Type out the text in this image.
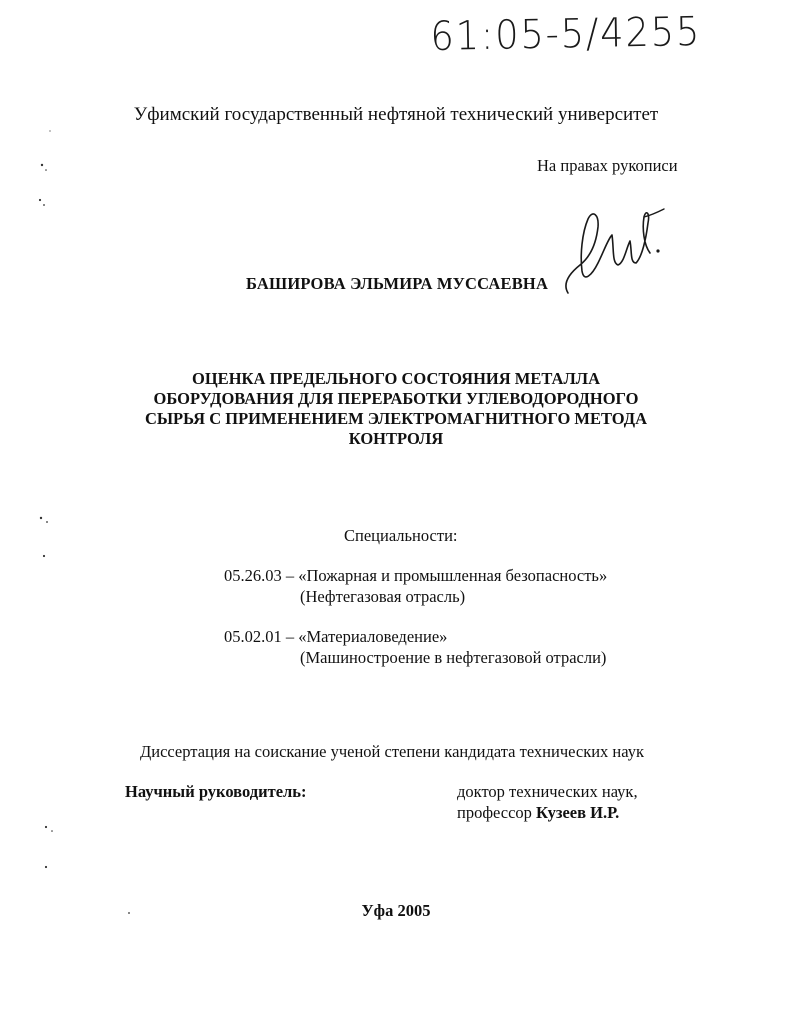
61:05-5/4255
Уфимский государственный нефтяной технический университет
На правах рукописи
БАШИРОВА ЭЛЬМИРА МУССАЕВНА
ОЦЕНКА ПРЕДЕЛЬНОГО СОСТОЯНИЯ МЕТАЛЛА
ОБОРУДОВАНИЯ ДЛЯ ПЕРЕРАБОТКИ УГЛЕВОДОРОДНОГО
СЫРЬЯ С ПРИМЕНЕНИЕМ ЭЛЕКТРОМАГНИТНОГО МЕТОДА
КОНТРОЛЯ
Специальности:
05.26.03 – «Пожарная и промышленная безопасность»
(Нефтегазовая отрасль)
05.02.01 – «Материаловедение»
(Машиностроение в нефтегазовой отрасли)
Диссертация на соискание ученой степени кандидата технических наук
Научный руководитель:	доктор технических наук,
профессор Кузеев И.Р.
Уфа 2005
